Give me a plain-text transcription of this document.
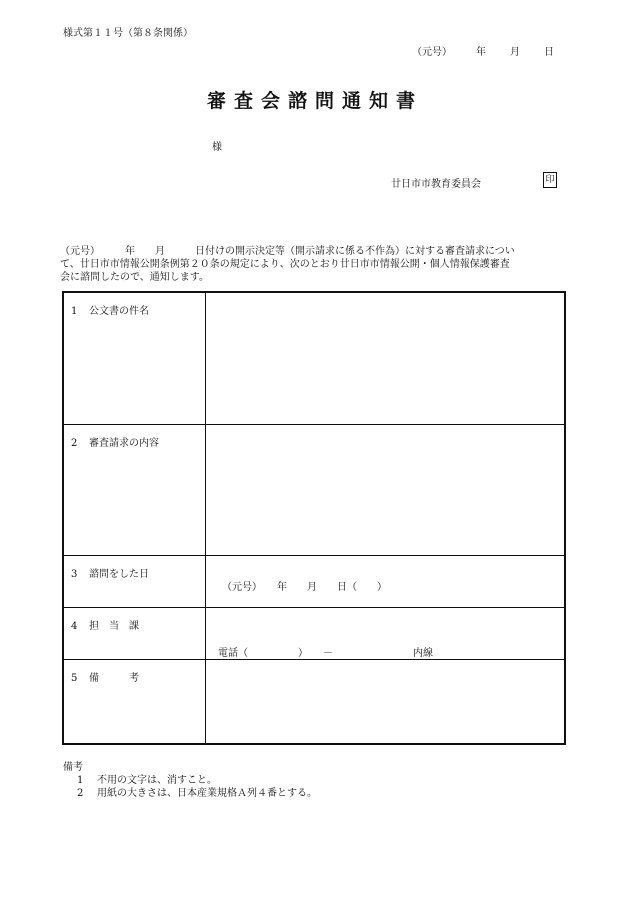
様式第１１号（第８条関係）
（元号） 年 月 日
審査会諮問通知書
様
廿日市市教育委員会	印
（元号）　　　年　　月　　　日付けの開示決定等（開示請求に係る不作為）に対する審査請求につい
て、廿日市市情報公開条例第２０条の規定により、次のとおり廿日市市情報公開・個人情報保護審査
会に諮問したので、通知します。
1 公文書の件名
2 審査請求の内容
3 諮問をした日
（元号）　　年　　月　　日（　　）
4 担　当　課
電話（　　　　　）　　－　　　　　　　　内線
5 備　　　考
備考
1 不用の文字は、消すこと。
2 用紙の大きさは、日本産業規格Ａ列４番とする。
